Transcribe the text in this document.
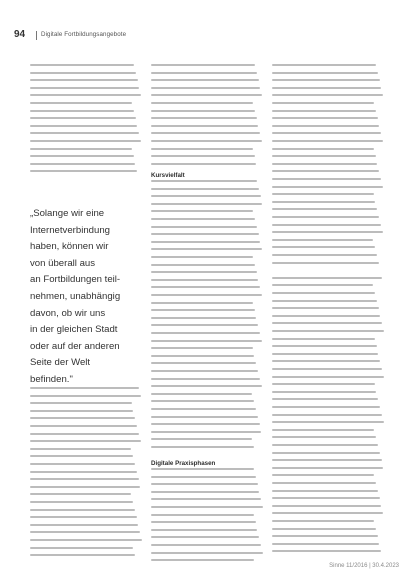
94	Digitale Fortbildungsangebote
„Solange wir eine
Internetverbindung
haben, können wir
von überall aus
an Fortbildungen teil-
nehmen, unabhängig
davon, ob wir uns
in der gleichen Stadt
oder auf der anderen
Seite der Welt
befinden."
Kursvielfalt
Digitale Praxisphasen
Sinne 11/2016 | 30.4.2023
